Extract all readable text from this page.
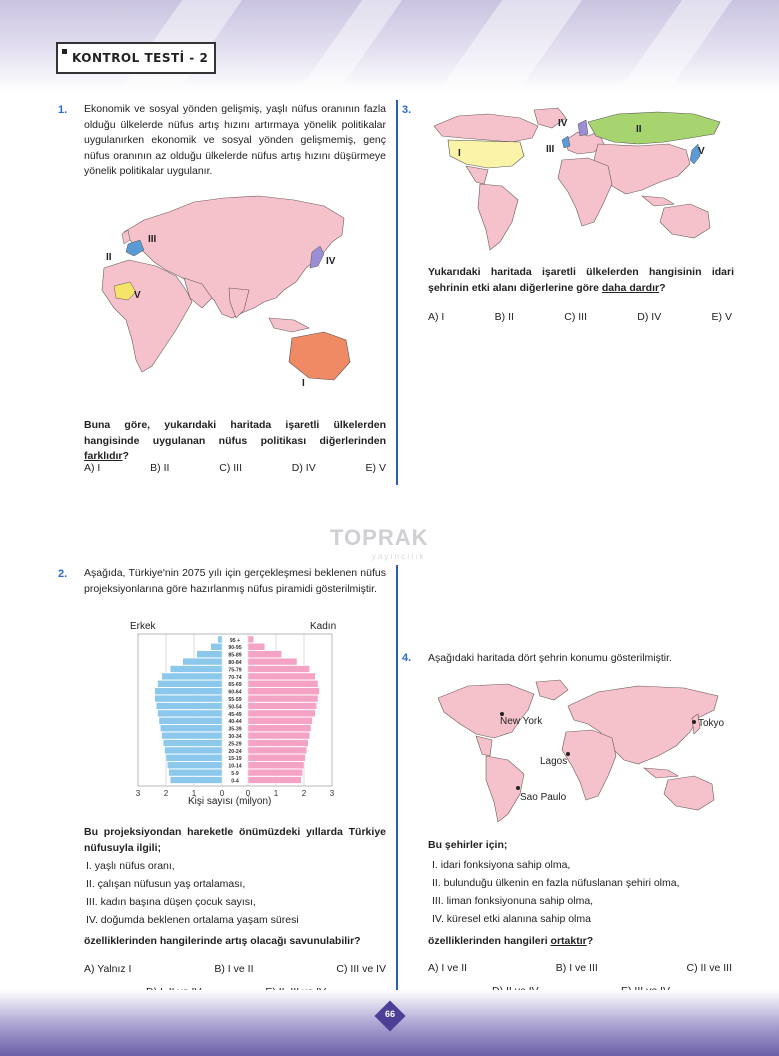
KONTROL TESTİ - 2
TOPRAK
yayıncılık
1. Ekonomik ve sosyal yönden gelişmiş, yaşlı nüfus oranının fazla olduğu ülkelerde nüfus artış hızını artırmaya yönelik politikalar uygulanırken ekonomik ve sosyal yönden gelişmemiş, genç nüfus oranının az olduğu ülkelerde nüfus artış hızını düşürmeye yönelik politikalar uygulanır.
I
II
III
IV
V
Buna göre, yukarıdaki haritada işaretli ülkelerden hangisinde uygulanan nüfus politikası diğerlerinden farklıdır?
A) I	B) II	C) III	D) IV	E) V
2. Aşağıda, Türkiye'nin 2075 yılı için gerçekleşmesi beklenen nüfus projeksiyonlarına göre hazırlanmış nüfus piramidi gösterilmiştir.
Erkek	Kadın
95 +
90-95
85-89
80-84
75-79
70-74
65-69
60-64
55-59
50-54
45-49
40-44
35-39
30-34
25-29
20-24
15-19
10-14
5-9
0-4
3	2	1	0	0	1	2	3
Kişi sayısı (milyon)
Bu projeksiyondan hareketle önümüzdeki yıllarda Türkiye nüfusuyla ilgili;
I. yaşlı nüfus oranı,
II. çalışan nüfusun yaş ortalaması,
III. kadın başına düşen çocuk sayısı,
IV. doğumda beklenen ortalama yaşam süresi
özelliklerinden hangilerinde artış olacağı savunulabilir?
A) Yalnız I	B) I ve II	C) III ve IV
3.
I
II
III
IV
V
Yukarıdaki haritada işaretli ülkelerden hangisinin idari şehrinin etki alanı diğerlerine göre daha dardır?
A) I	B) II	C) III	D) IV	E) V
4. Aşağıdaki haritada dört şehrin konumu gösterilmiştir.
New York	Tokyo
Lagos
Sao Paulo
Bu şehirler için;
I. idari fonksiyona sahip olma,
II. bulunduğu ülkenin en fazla nüfuslanan şehiri olma,
III. liman fonksiyonuna sahip olma,
IV. küresel etki alanına sahip olma
özelliklerinden hangileri ortaktır?
A) I ve II	B) I ve III	C) II ve III
66
